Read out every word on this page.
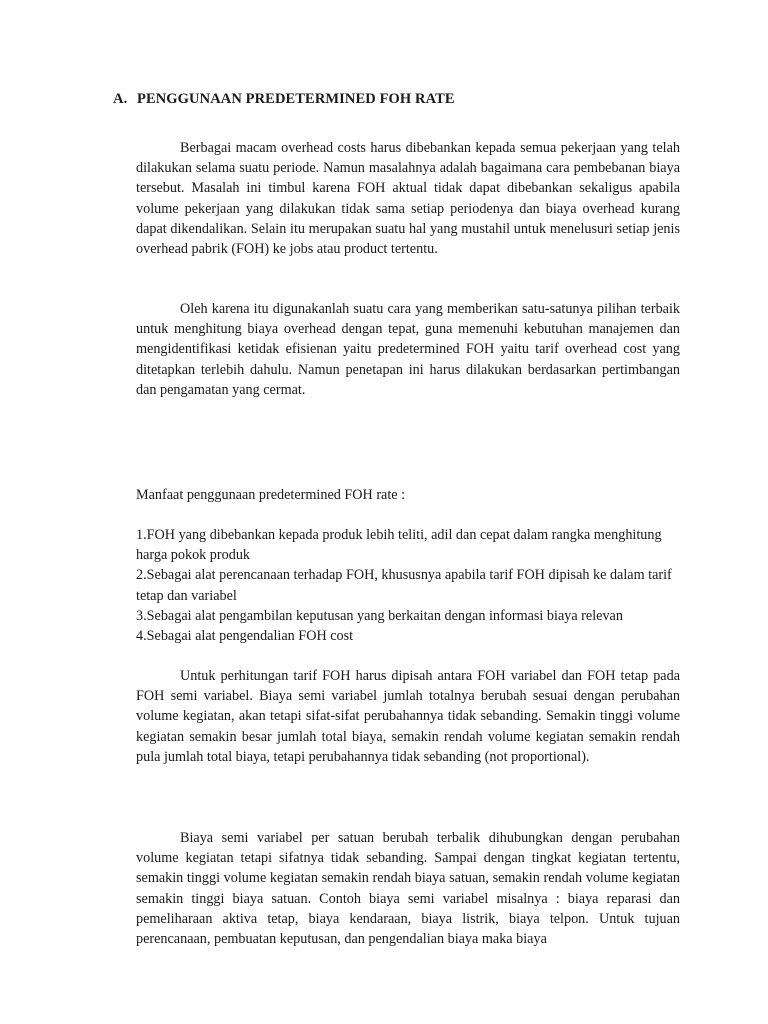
A. PENGGUNAAN PREDETERMINED FOH RATE

Berbagai macam overhead costs harus dibebankan kepada semua pekerjaan yang telah dilakukan selama suatu periode. Namun masalahnya adalah bagaimana cara pembebanan biaya tersebut. Masalah ini timbul karena FOH aktual tidak dapat dibebankan sekaligus apabila volume pekerjaan yang dilakukan tidak sama setiap periodenya dan biaya overhead kurang dapat dikendalikan. Selain itu merupakan suatu hal yang mustahil untuk menelusuri setiap jenis overhead pabrik (FOH) ke jobs atau product tertentu.

Oleh karena itu digunakanlah suatu cara yang memberikan satu-satunya pilihan terbaik untuk menghitung biaya overhead dengan tepat, guna memenuhi kebutuhan manajemen dan mengidentifikasi ketidak efisienan yaitu predetermined FOH yaitu tarif overhead cost yang ditetapkan terlebih dahulu. Namun penetapan ini harus dilakukan berdasarkan pertimbangan dan pengamatan yang cermat.

Manfaat penggunaan predetermined FOH rate :

1.FOH yang dibebankan kepada produk lebih teliti, adil dan cepat dalam rangka menghitung harga pokok produk
2.Sebagai alat perencanaan terhadap FOH, khususnya apabila tarif FOH dipisah ke dalam tarif tetap dan variabel
3.Sebagai alat pengambilan keputusan yang berkaitan dengan informasi biaya relevan
4.Sebagai alat pengendalian FOH cost

Untuk perhitungan tarif FOH harus dipisah antara FOH variabel dan FOH tetap pada FOH semi variabel. Biaya semi variabel jumlah totalnya berubah sesuai dengan perubahan volume kegiatan, akan tetapi sifat-sifat perubahannya tidak sebanding. Semakin tinggi volume kegiatan semakin besar jumlah total biaya, semakin rendah volume kegiatan semakin rendah pula jumlah total biaya, tetapi perubahannya tidak sebanding (not proportional).

Biaya semi variabel per satuan berubah terbalik dihubungkan dengan perubahan volume kegiatan tetapi sifatnya tidak sebanding. Sampai dengan tingkat kegiatan tertentu, semakin tinggi volume kegiatan semakin rendah biaya satuan, semakin rendah volume kegiatan semakin tinggi biaya satuan. Contoh biaya semi variabel misalnya : biaya reparasi dan pemeliharaan aktiva tetap, biaya kendaraan, biaya listrik, biaya telpon. Untuk tujuan perencanaan, pembuatan keputusan, dan pengendalian biaya maka biaya
